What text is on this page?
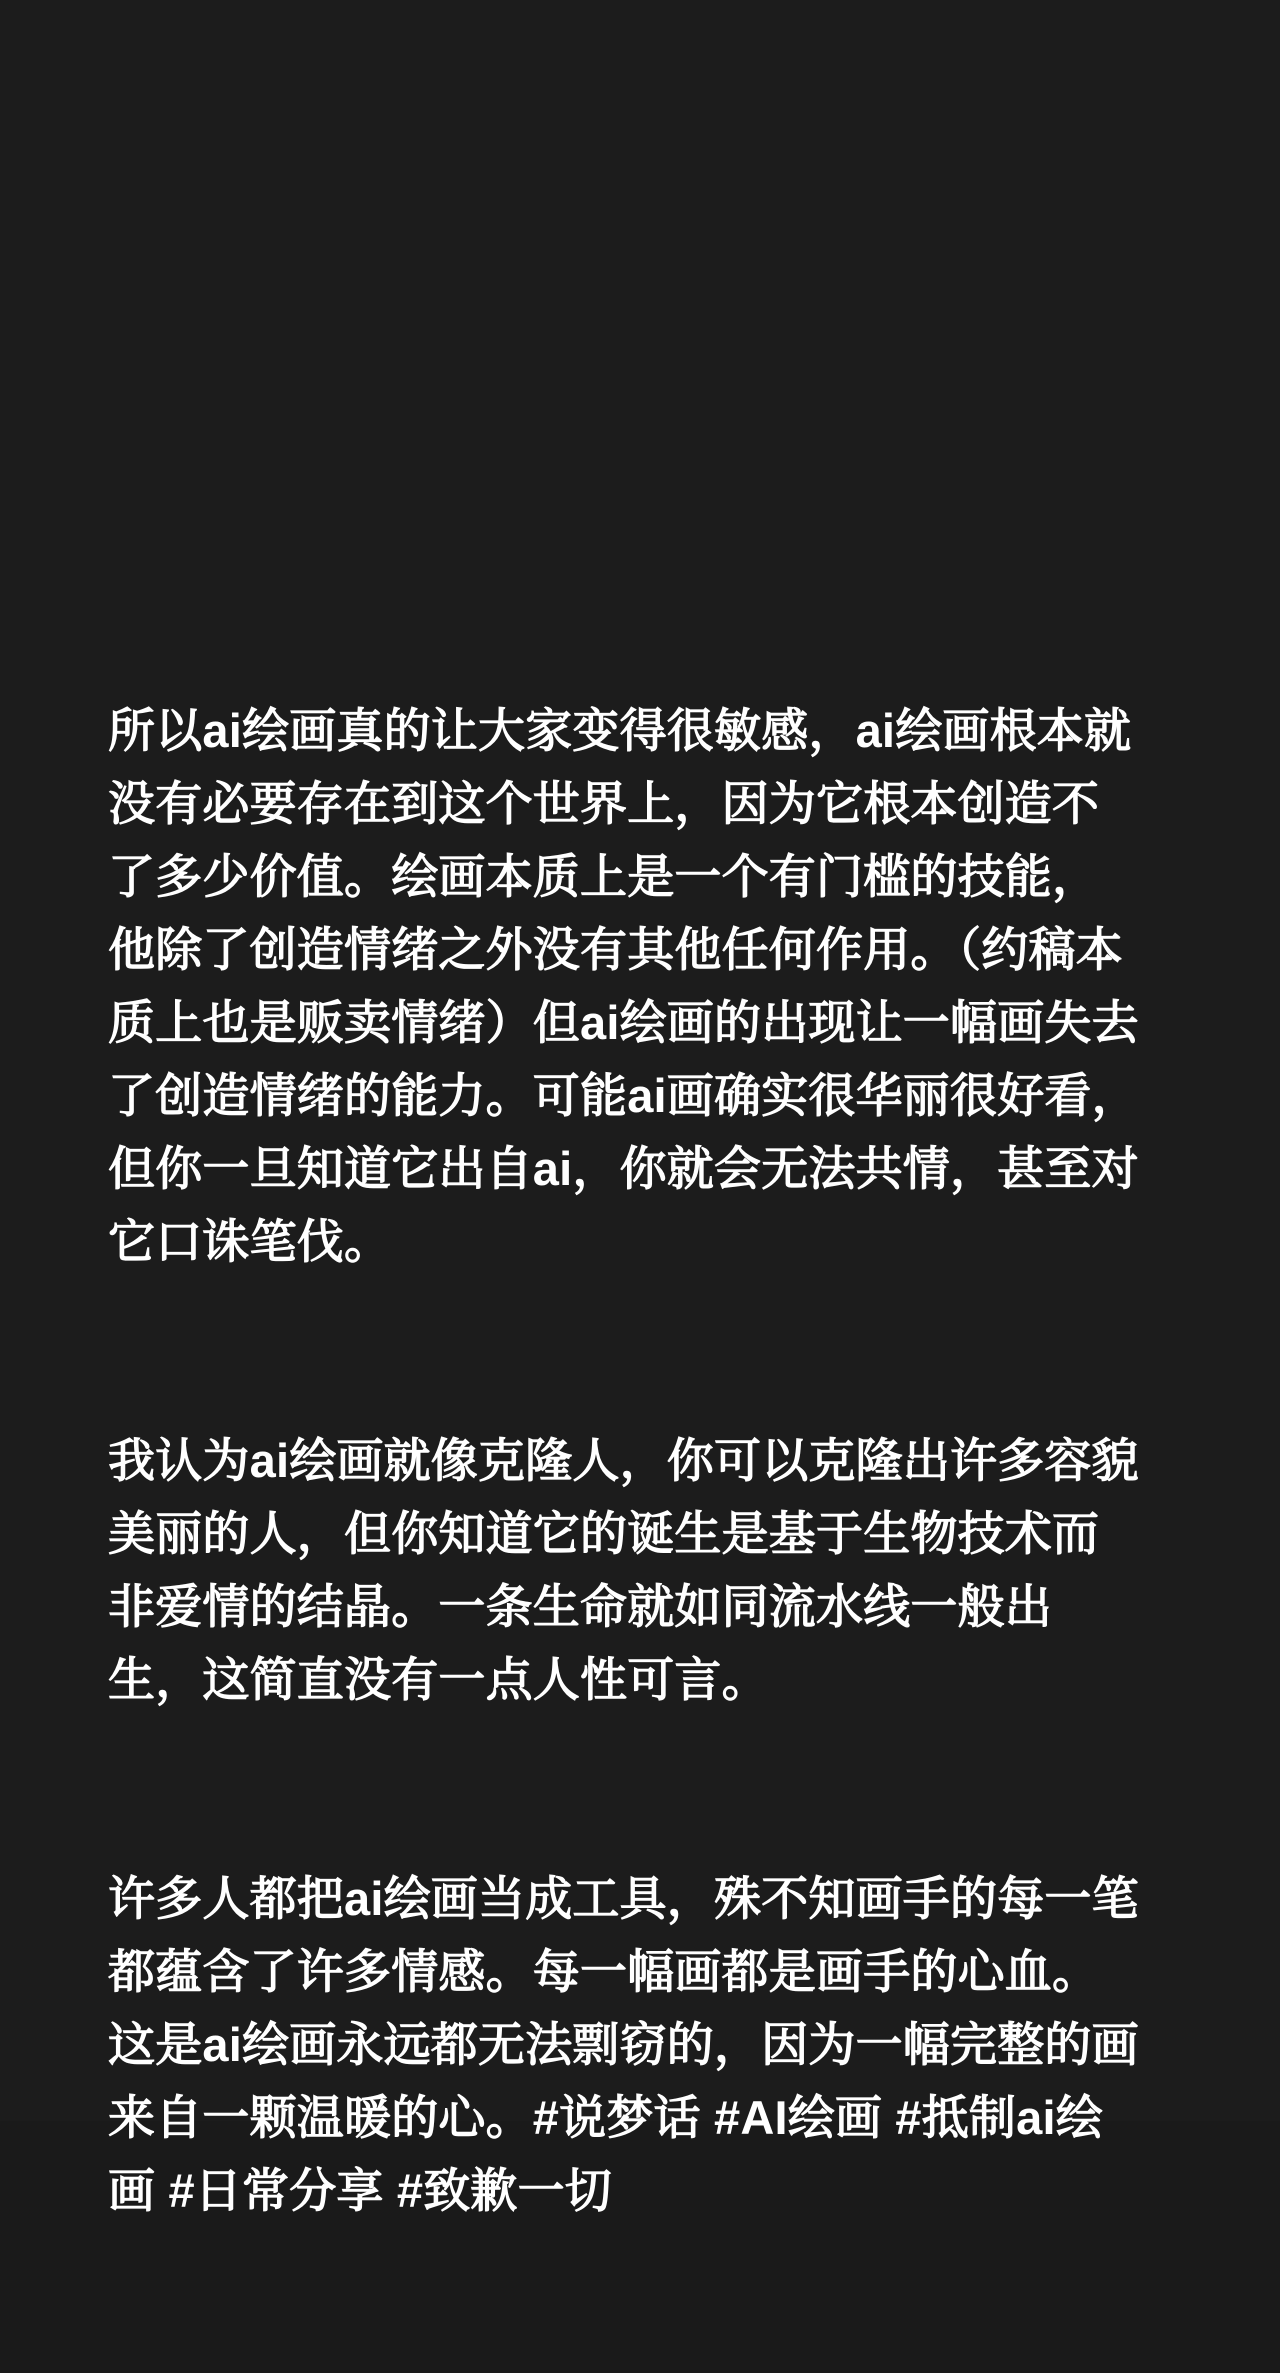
所以ai绘画真的让大家变得很敏感，ai绘画根本就没有必要存在到这个世界上，因为它根本创造不了多少价值。绘画本质上是一个有门槛的技能，他除了创造情绪之外没有其他任何作用。（约稿本质上也是贩卖情绪）但ai绘画的出现让一幅画失去了创造情绪的能力。可能ai画确实很华丽很好看，但你一旦知道它出自ai，你就会无法共情，甚至对它口诛笔伐。

我认为ai绘画就像克隆人，你可以克隆出许多容貌美丽的人，但你知道它的诞生是基于生物技术而非爱情的结晶。一条生命就如同流水线一般出生，这简直没有一点人性可言。

许多人都把ai绘画当成工具，殊不知画手的每一笔都蕴含了许多情感。每一幅画都是画手的心血。这是ai绘画永远都无法剽窃的，因为一幅完整的画来自一颗温暖的心。#说梦话 #AI绘画 #抵制ai绘画 #日常分享 #致歉一切
